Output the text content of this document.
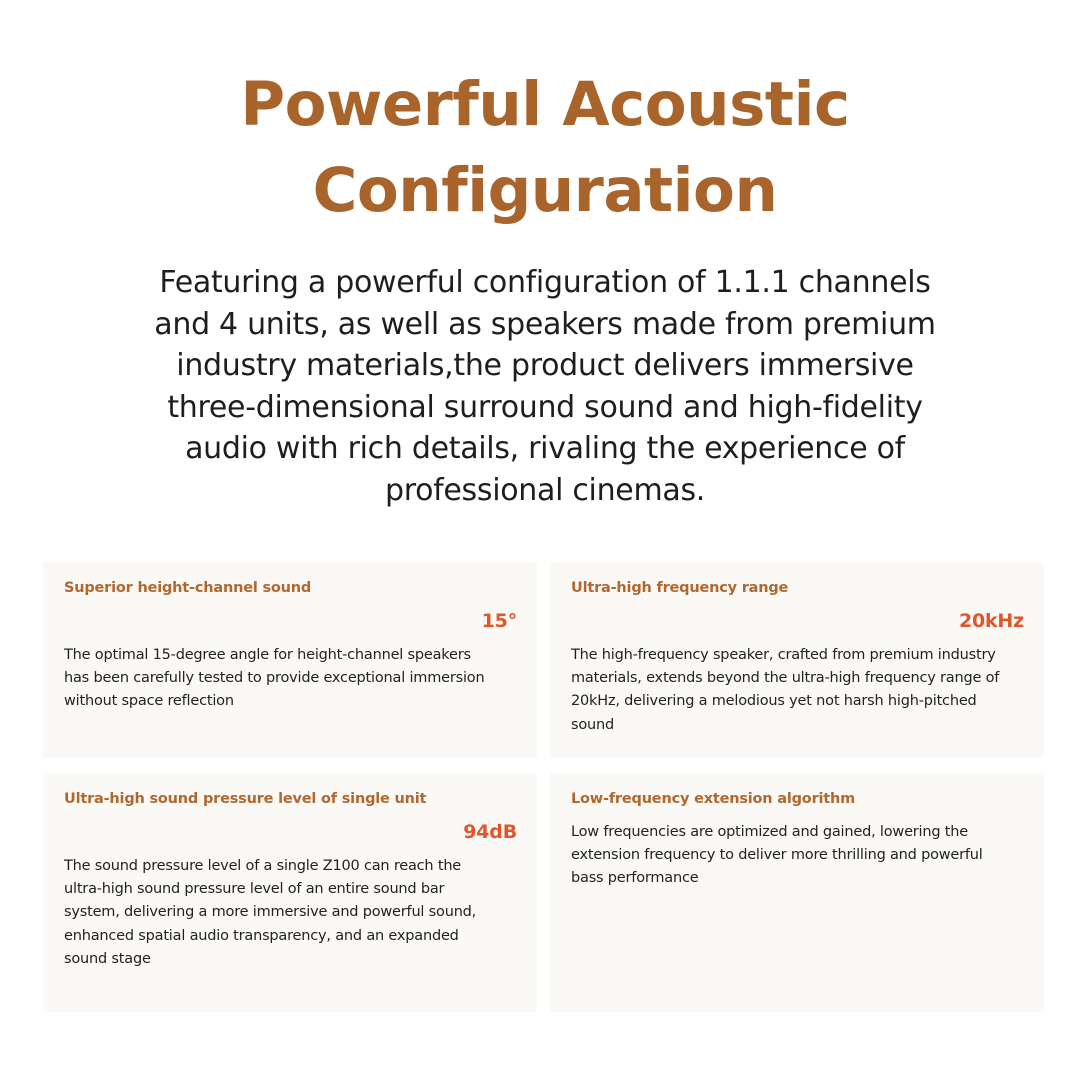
Powerful Acoustic
Configuration

Featuring a powerful configuration of 1.1.1 channels
and 4 units, as well as speakers made from premium
industry materials,the product delivers immersive
three-dimensional surround sound and high-fidelity
audio with rich details, rivaling the experience of
professional cinemas.

Superior height-channel sound

15°

The optimal 15-degree angle for height-channel speakers
has been carefully tested to provide exceptional immersion
without space reflection

Ultra-high frequency range

20kHz

The high-frequency speaker, crafted from premium industry
materials, extends beyond the ultra-high frequency range of
20kHz, delivering a melodious yet not harsh high-pitched
sound

Ultra-high sound pressure level of single unit

94dB

The sound pressure level of a single Z100 can reach the
ultra-high sound pressure level of an entire sound bar
system, delivering a more immersive and powerful sound,
enhanced spatial audio transparency, and an expanded
sound stage

Low-frequency extension algorithm

Low frequencies are optimized and gained, lowering the
extension frequency to deliver more thrilling and powerful
bass performance
